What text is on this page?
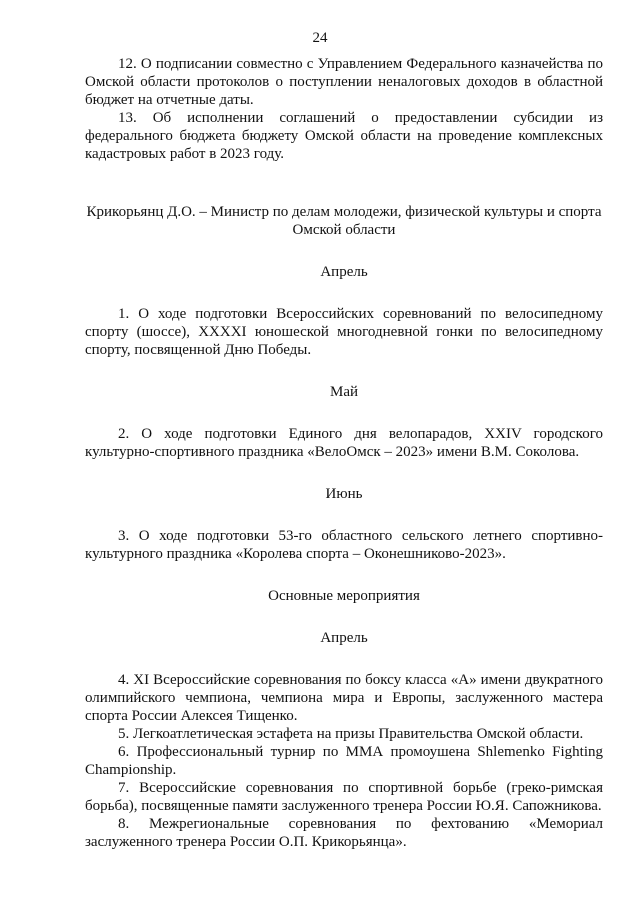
24

12. О подписании совместно с Управлением Федерального казначейства по Омской области протоколов о поступлении неналоговых доходов в областной бюджет на отчетные даты.

13. Об исполнении соглашений о предоставлении субсидии из федерального бюджета бюджету Омской области на проведение комплексных кадастровых работ в 2023 году.

Крикорьянц Д.О. – Министр по делам молодежи, физической культуры и спорта Омской области

Апрель

1. О ходе подготовки Всероссийских соревнований по велосипедному спорту (шоссе), XXXXI юношеской многодневной гонки по велосипедному спорту, посвященной Дню Победы.

Май

2. О ходе подготовки Единого дня велопарадов, XXIV городского культурно-спортивного праздника «ВелоОмск – 2023» имени В.М. Соколова.

Июнь

3. О ходе подготовки 53-го областного сельского летнего спортивно-культурного праздника «Королева спорта – Оконешниково-2023».

Основные мероприятия

Апрель

4. XI Всероссийские соревнования по боксу класса «А» имени двукратного олимпийского чемпиона, чемпиона мира и Европы, заслуженного мастера спорта России Алексея Тищенко.

5. Легкоатлетическая эстафета на призы Правительства Омской области.

6. Профессиональный турнир по ММА промоушена Shlemenko Fighting Championship.

7. Всероссийские соревнования по спортивной борьбе (греко-римская борьба), посвященные памяти заслуженного тренера России Ю.Я. Сапожникова.

8. Межрегиональные соревнования по фехтованию «Мемориал заслуженного тренера России О.П. Крикорьянца».
